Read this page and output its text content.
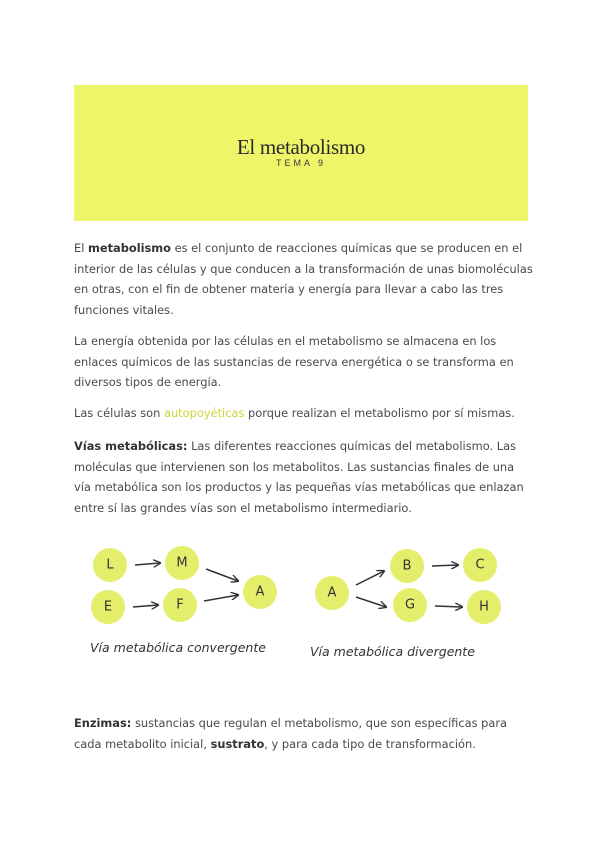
El metabolismo
TEMA 9

El metabolismo es el conjunto de reacciones químicas que se producen en el interior de las células y que conducen a la transformación de unas biomoléculas en otras, con el fin de obtener materia y energía para llevar a cabo las tres funciones vitales.

La energía obtenida por las células en el metabolismo se almacena en los enlaces químicos de las sustancias de reserva energética o se transforma en diversos tipos de energía.

Las células son autopoyéticas porque realizan el metabolismo por sí mismas.

Vías metabólicas: Las diferentes reacciones químicas del metabolismo. Las moléculas que intervienen son los metabolitos. Las sustancias finales de una vía metabólica son los productos y las pequeñas vías metabólicas que enlazan entre sí las grandes vías son el metabolismo intermediario.

L	M
E	F
A
Vía metabólica convergente
A
B	C
G	H
Vía metabólica divergente

Enzimas: sustancias que regulan el metabolismo, que son específicas para cada metabolito inicial, sustrato, y para cada tipo de transformación.
